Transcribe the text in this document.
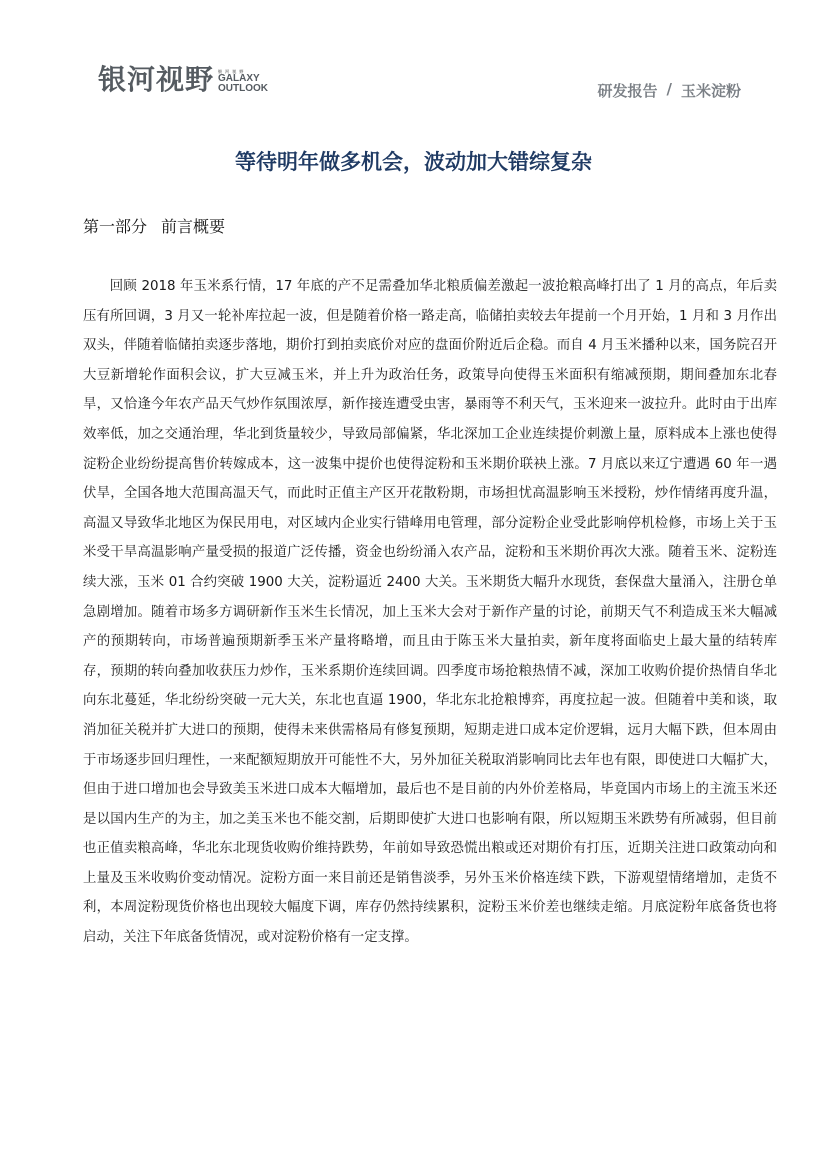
银河视野 银 河 视 野
GALAXY
OUTLOOK	研发报告 / 玉米淀粉
等待明年做多机会，波动加大错综复杂
第一部分 前言概要

回顾 2018 年玉米系行情，17 年底的产不足需叠加华北粮质偏差激起一波抢粮高峰打出了 1 月的高点，年后卖压有所回调，3 月又一轮补库拉起一波，但是随着价格一路走高，临储拍卖较去年提前一个月开始，1 月和 3 月作出双头，伴随着临储拍卖逐步落地，期价打到拍卖底价对应的盘面价附近后企稳。而自 4 月玉米播种以来，国务院召开大豆新增轮作面积会议，扩大豆减玉米，并上升为政治任务，政策导向使得玉米面积有缩减预期，期间叠加东北春旱，又恰逢今年农产品天气炒作氛围浓厚，新作接连遭受虫害，暴雨等不利天气，玉米迎来一波拉升。此时由于出库效率低，加之交通治理，华北到货量较少，导致局部偏紧，华北深加工企业连续提价刺激上量，原料成本上涨也使得淀粉企业纷纷提高售价转嫁成本，这一波集中提价也使得淀粉和玉米期价联袂上涨。7 月底以来辽宁遭遇 60 年一遇伏旱，全国各地大范围高温天气，而此时正值主产区开花散粉期，市场担忧高温影响玉米授粉，炒作情绪再度升温，高温又导致华北地区为保民用电，对区域内企业实行错峰用电管理，部分淀粉企业受此影响停机检修，市场上关于玉米受干旱高温影响产量受损的报道广泛传播，资金也纷纷涌入农产品，淀粉和玉米期价再次大涨。随着玉米、淀粉连续大涨，玉米 01 合约突破 1900 大关，淀粉逼近 2400 大关。玉米期货大幅升水现货，套保盘大量涌入，注册仓单急剧增加。随着市场多方调研新作玉米生长情况，加上玉米大会对于新作产量的讨论，前期天气不利造成玉米大幅减产的预期转向，市场普遍预期新季玉米产量将略增，而且由于陈玉米大量拍卖，新年度将面临史上最大量的结转库存，预期的转向叠加收获压力炒作，玉米系期价连续回调。四季度市场抢粮热情不减，深加工收购价提价热情自华北向东北蔓延，华北纷纷突破一元大关，东北也直逼 1900，华北东北抢粮博弈，再度拉起一波。但随着中美和谈，取消加征关税并扩大进口的预期，使得未来供需格局有修复预期，短期走进口成本定价逻辑，远月大幅下跌，但本周由于市场逐步回归理性，一来配额短期放开可能性不大，另外加征关税取消影响同比去年也有限，即使进口大幅扩大，但由于进口增加也会导致美玉米进口成本大幅增加，最后也不是目前的内外价差格局，毕竟国内市场上的主流玉米还是以国内生产的为主，加之美玉米也不能交割，后期即使扩大进口也影响有限，所以短期玉米跌势有所减弱，但目前也正值卖粮高峰，华北东北现货收购价维持跌势，年前如导致恐慌出粮或还对期价有打压，近期关注进口政策动向和上量及玉米收购价变动情况。淀粉方面一来目前还是销售淡季，另外玉米价格连续下跌，下游观望情绪增加，走货不利，本周淀粉现货价格也出现较大幅度下调，库存仍然持续累积，淀粉玉米价差也继续走缩。月底淀粉年底备货也将启动，关注下年底备货情况，或对淀粉价格有一定支撑。
